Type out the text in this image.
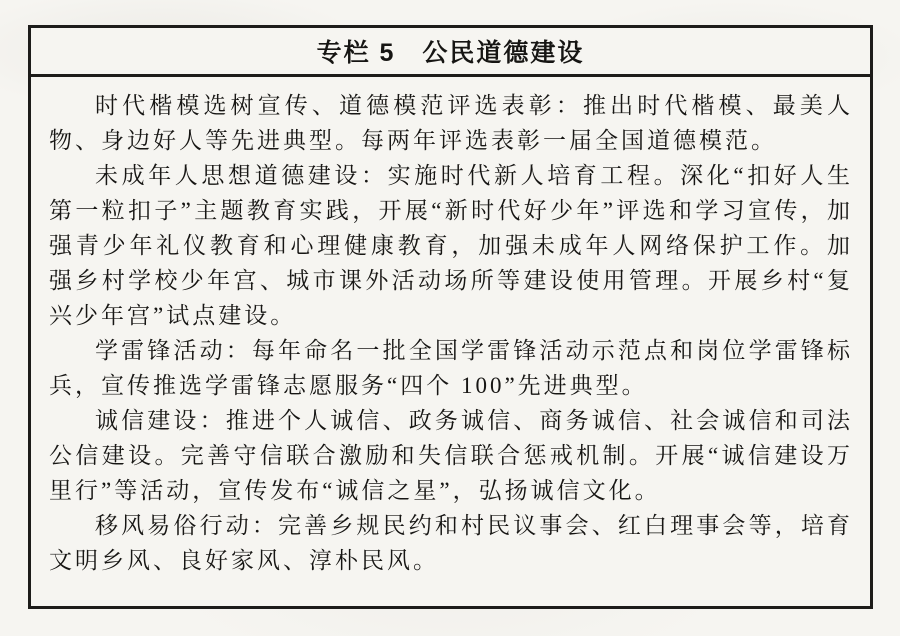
专栏 5　公民道德建设

时代楷模选树宣传、道德模范评选表彰：推出时代楷模、最美人物、身边好人等先进典型。每两年评选表彰一届全国道德模范。

未成年人思想道德建设：实施时代新人培育工程。深化“扣好人生第一粒扣子”主题教育实践，开展“新时代好少年”评选和学习宣传，加强青少年礼仪教育和心理健康教育，加强未成年人网络保护工作。加强乡村学校少年宫、城市课外活动场所等建设使用管理。开展乡村“复兴少年宫”试点建设。

学雷锋活动：每年命名一批全国学雷锋活动示范点和岗位学雷锋标兵，宣传推选学雷锋志愿服务“四个 100”先进典型。

诚信建设：推进个人诚信、政务诚信、商务诚信、社会诚信和司法公信建设。完善守信联合激励和失信联合惩戒机制。开展“诚信建设万里行”等活动，宣传发布“诚信之星”，弘扬诚信文化。

移风易俗行动：完善乡规民约和村民议事会、红白理事会等，培育文明乡风、良好家风、淳朴民风。
